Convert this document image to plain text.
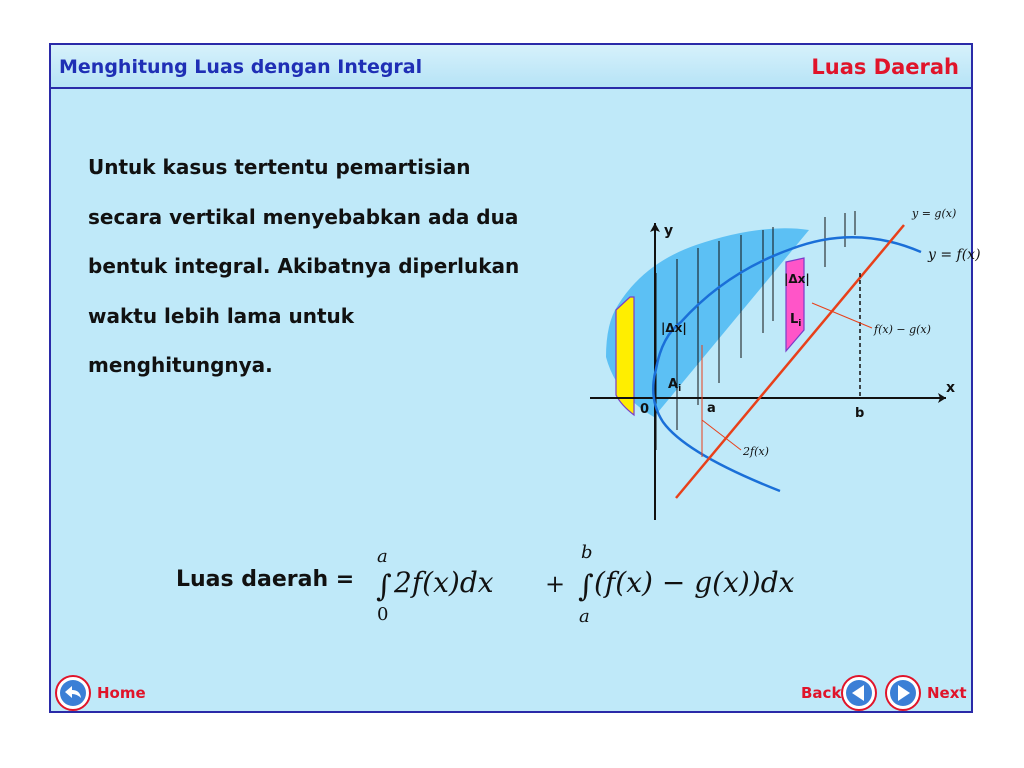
Menghitung Luas dengan Integral	Luas Daerah
Untuk kasus tertentu pemartisian secara vertikal menyebabkan ada dua bentuk integral. Akibatnya diperlukan waktu lebih lama untuk menghitungnya.
y
x
0	a	b
y = g(x)
y = f(x)
|Δx|
|Δx|
$A_i$
$L_i$	f(x) − g(x)
2f(x)
Luas daerah =
a
∫
0
2f(x)dx +
b
∫
a
(f(x) − g(x))dx
Home	Back	Next
